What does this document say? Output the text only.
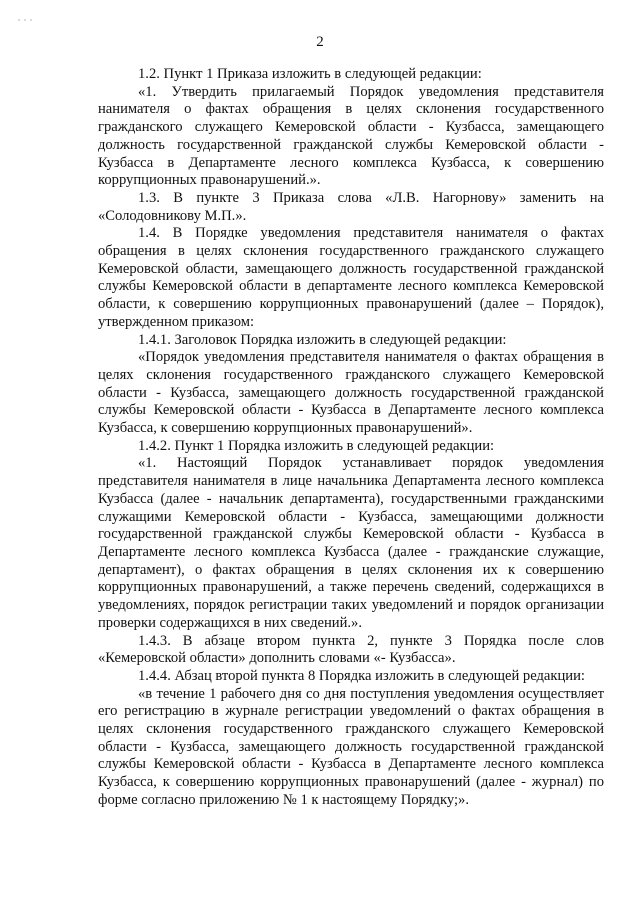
2

1.2. Пункт 1 Приказа изложить в следующей редакции:

«1. Утвердить прилагаемый Порядок уведомления представителя нанимателя о фактах обращения в целях склонения государственного гражданского служащего Кемеровской области - Кузбасса, замещающего должность государственной гражданской службы Кемеровской области - Кузбасса в Департаменте лесного комплекса Кузбасса, к совершению коррупционных правонарушений.».

1.3. В пункте 3 Приказа слова «Л.В. Нагорнову» заменить на «Солодовникову М.П.».

1.4. В Порядке уведомления представителя нанимателя о фактах обращения в целях склонения государственного гражданского служащего Кемеровской области, замещающего должность государственной гражданской службы Кемеровской области в департаменте лесного комплекса Кемеровской области, к совершению коррупционных правонарушений (далее – Порядок), утвержденном приказом:

1.4.1. Заголовок Порядка изложить в следующей редакции:

«Порядок уведомления представителя нанимателя о фактах обращения в целях склонения государственного гражданского служащего Кемеровской области - Кузбасса, замещающего должность государственной гражданской службы Кемеровской области - Кузбасса в Департаменте лесного комплекса Кузбасса, к совершению коррупционных правонарушений».

1.4.2. Пункт 1 Порядка изложить в следующей редакции:

«1. Настоящий Порядок устанавливает порядок уведомления представителя нанимателя в лице начальника Департамента лесного комплекса Кузбасса (далее - начальник департамента), государственными гражданскими служащими Кемеровской области - Кузбасса, замещающими должности государственной гражданской службы Кемеровской области - Кузбасса в Департаменте лесного комплекса Кузбасса (далее - гражданские служащие, департамент), о фактах обращения в целях склонения их к совершению коррупционных правонарушений, а также перечень сведений, содержащихся в уведомлениях, порядок регистрации таких уведомлений и порядок организации проверки содержащихся в них сведений.».

1.4.3. В абзаце втором пункта 2, пункте 3 Порядка после слов «Кемеровской области» дополнить словами «- Кузбасса».

1.4.4. Абзац второй пункта 8 Порядка изложить в следующей редакции:

«в течение 1 рабочего дня со дня поступления уведомления осуществляет его регистрацию в журнале регистрации уведомлений о фактах обращения в целях склонения государственного гражданского служащего Кемеровской области - Кузбасса, замещающего должность государственной гражданской службы Кемеровской области - Кузбасса в Департаменте лесного комплекса Кузбасса, к совершению коррупционных правонарушений (далее - журнал) по форме согласно приложению № 1 к настоящему Порядку;».
